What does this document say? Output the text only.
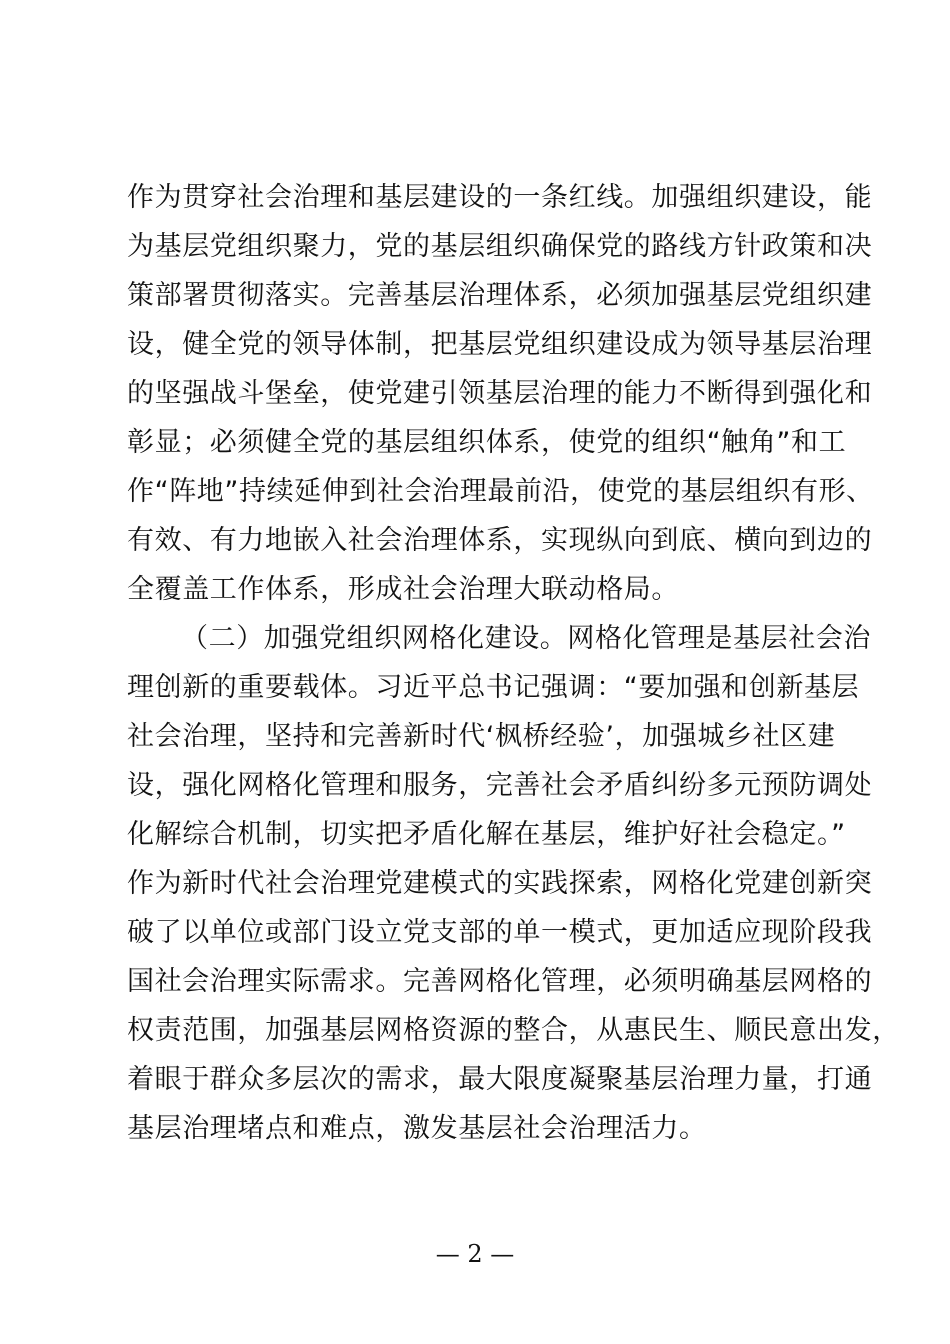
作为贯穿社会治理和基层建设的一条红线。加强组织建设，能
为基层党组织聚力，党的基层组织确保党的路线方针政策和决
策部署贯彻落实。完善基层治理体系，必须加强基层党组织建
设，健全党的领导体制，把基层党组织建设成为领导基层治理
的坚强战斗堡垒，使党建引领基层治理的能力不断得到强化和
彰显；必须健全党的基层组织体系，使党的组织“触角”和工
作“阵地”持续延伸到社会治理最前沿，使党的基层组织有形、
有效、有力地嵌入社会治理体系，实现纵向到底、横向到边的
全覆盖工作体系，形成社会治理大联动格局。
（二）加强党组织网格化建设。网格化管理是基层社会治
理创新的重要载体。习近平总书记强调：“要加强和创新基层
社会治理，坚持和完善新时代‘枫桥经验’，加强城乡社区建
设，强化网格化管理和服务，完善社会矛盾纠纷多元预防调处
化解综合机制，切实把矛盾化解在基层，维护好社会稳定。”
作为新时代社会治理党建模式的实践探索，网格化党建创新突
破了以单位或部门设立党支部的单一模式，更加适应现阶段我
国社会治理实际需求。完善网格化管理，必须明确基层网格的
权责范围，加强基层网格资源的整合，从惠民生、顺民意出发，
着眼于群众多层次的需求，最大限度凝聚基层治理力量，打通
基层治理堵点和难点，激发基层社会治理活力。
— 2 —
